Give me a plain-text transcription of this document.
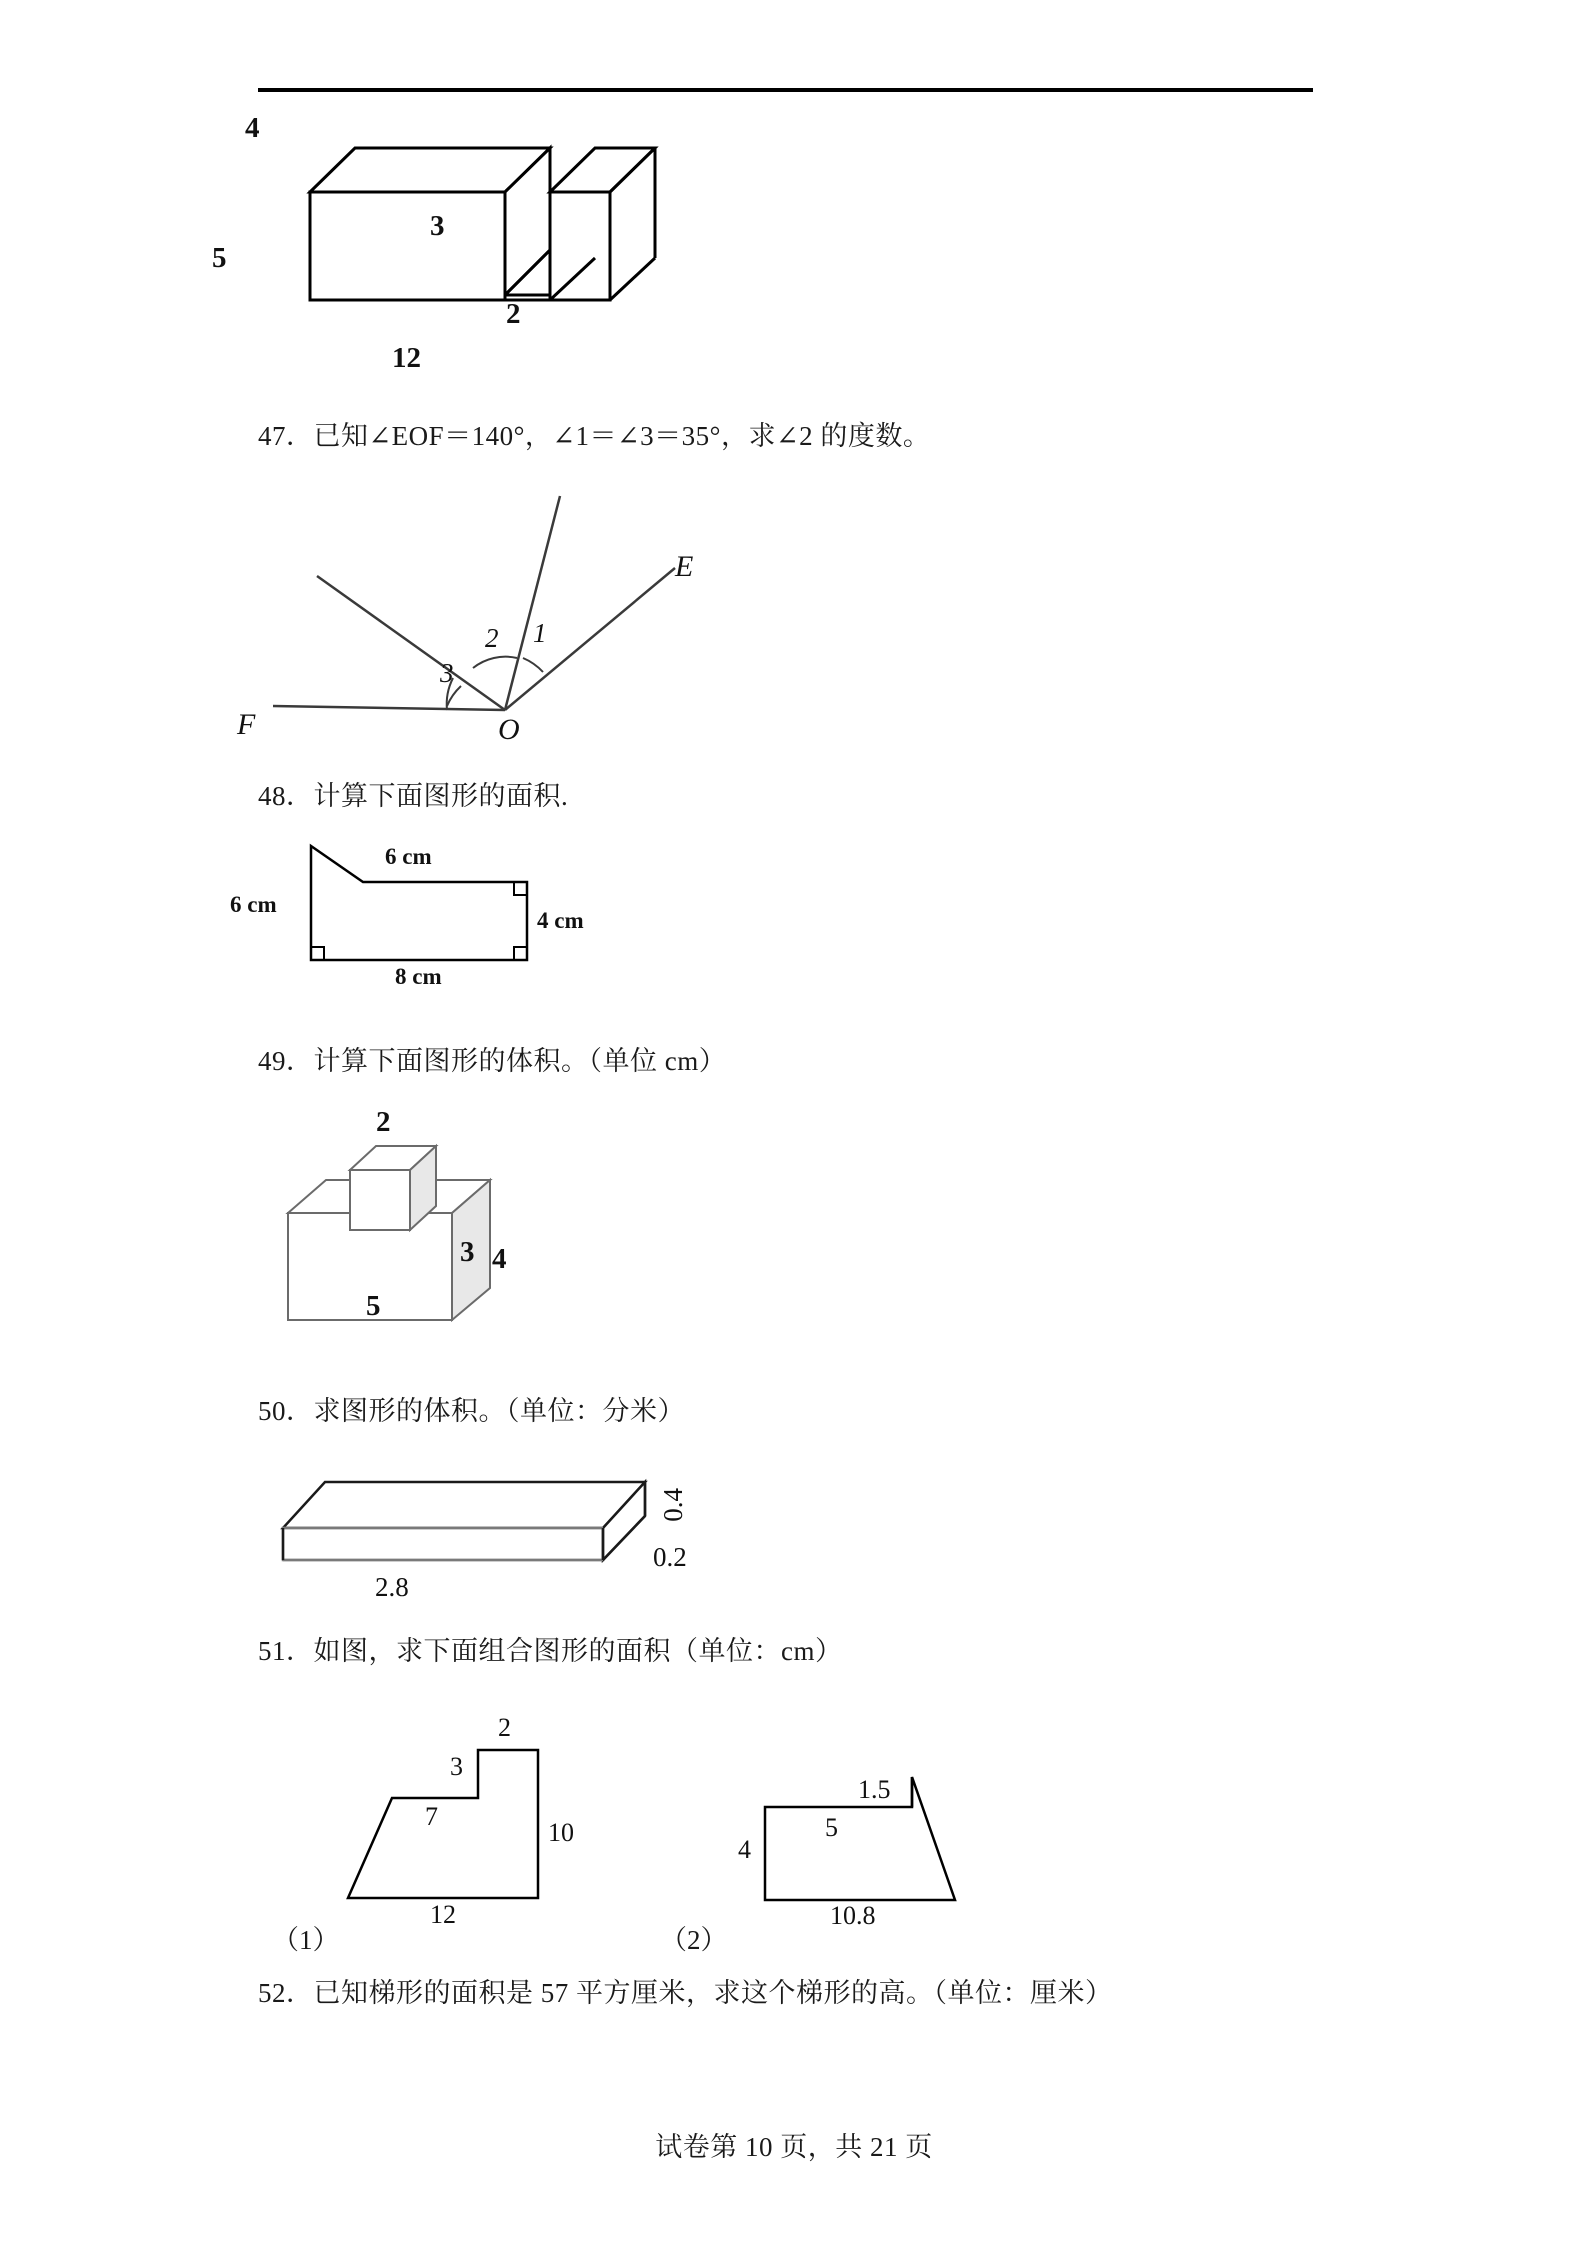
4
3
5
2
12
47．已知∠EOF＝140°，∠1＝∠3＝35°，求∠2 的度数。
2 1
3
E
F	O
48．计算下面图形的面积.
6 cm
6 cm
4 cm
8 cm
49．计算下面图形的体积。（单位 cm）
2
3 4
5
50．求图形的体积。（单位：分米）
0.4
0.2
2.8
51．如图，求下面组合图形的面积（单位：cm）
2
3
7
10
12
1.5
5
4
10.8
（1）	（2）
52．已知梯形的面积是 57 平方厘米，求这个梯形的高。（单位：厘米）
试卷第 10 页，共 21 页
